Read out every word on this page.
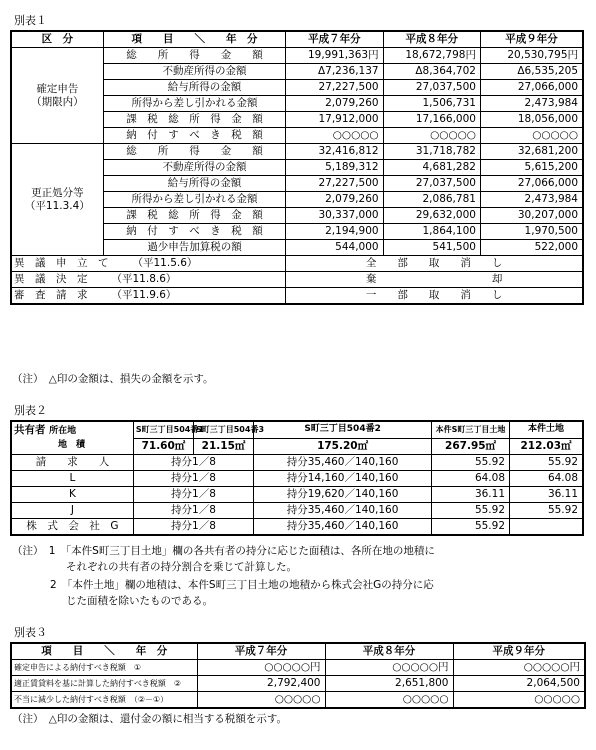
別表１
区　分	項　　目　　＼　　年　分	平成７年分	平成８年分	平成９年分
確定申告
（期限内）	総　　所　　得　　金　　額	19,991,363円	18,672,798円	20,530,795円
	不動産所得の金額	Δ7,236,137	Δ8,364,702	Δ6,535,205
	給与所得の金額	27,227,500	27,037,500	27,066,000
	所得から差し引かれる金額	2,079,260	1,506,731	2,473,984
	課　税　総　所　得　金　額	17,912,000	17,166,000	18,056,000
	納　付　す　べ　き　税　額	○○○○○	○○○○○	○○○○○
更正処分等
（平11.3.4）	総　　所　　得　　金　　額	32,416,812	31,718,782	32,681,200
	不動産所得の金額	5,189,312	4,681,282	5,615,200
	給与所得の金額	27,227,500	27,037,500	27,066,000
	所得から差し引かれる金額	2,079,260	2,086,781	2,473,984
	課　税　総　所　得　金　額	30,337,000	29,632,000	30,207,000
	納　付　す　べ　き　税　額	2,194,900	1,864,100	1,970,500
	過少申告加算税の額	544,000	541,500	522,000
異　議　申　立　て （平11.5.6）		全　　部　　取　　消　　し		
異　議　決　定 （平11.8.6）		棄　　　　　　　　　　　却		
審　査　請　求 （平11.9.6）		一　　部　　取　　消　　し		
（注）　△印の金額は、損失の金額を示す。
別表２
共有者 所在地
地　積	S町三丁目504番1	S町三丁目504番3	S町三丁目504番2	本件S町三丁目土地	本件土地
	71.60㎡	21.15㎡	175.20㎡	267.95㎡	212.03㎡
請　　求　　人	持分1／8		持分35,460／140,160	55.92	55.92
L	持分1／8		持分14,160／140,160	64.08	64.08
K	持分1／8		持分19,620／140,160	36.11	36.11
J	持分1／8		持分35,460／140,160	55.92	55.92
株　式　会　社　G	持分1／8		持分35,460／140,160	55.92	
（注）　1　「本件S町三丁目土地」欄の各共有者の持分に応じた面積は、各所在地の地積に
それぞれの共有者の持分割合を乗じて計算した。
2　「本件土地」欄の地積は、本件S町三丁目土地の地積から株式会社Gの持分に応
じた面積を除いたものである。
別表３
項　　目　　＼　　年　分	平成７年分	平成８年分	平成９年分
確定申告による納付すべき税額　①	○○○○○円	○○○○○円	○○○○○円
適正賃貸料を基に計算した納付すべき税額　②	2,792,400	2,651,800	2,064,500
不当に減少した納付すべき税額　（②－①）	○○○○○	○○○○○	○○○○○
（注）　△印の金額は、還付金の額に相当する税額を示す。
